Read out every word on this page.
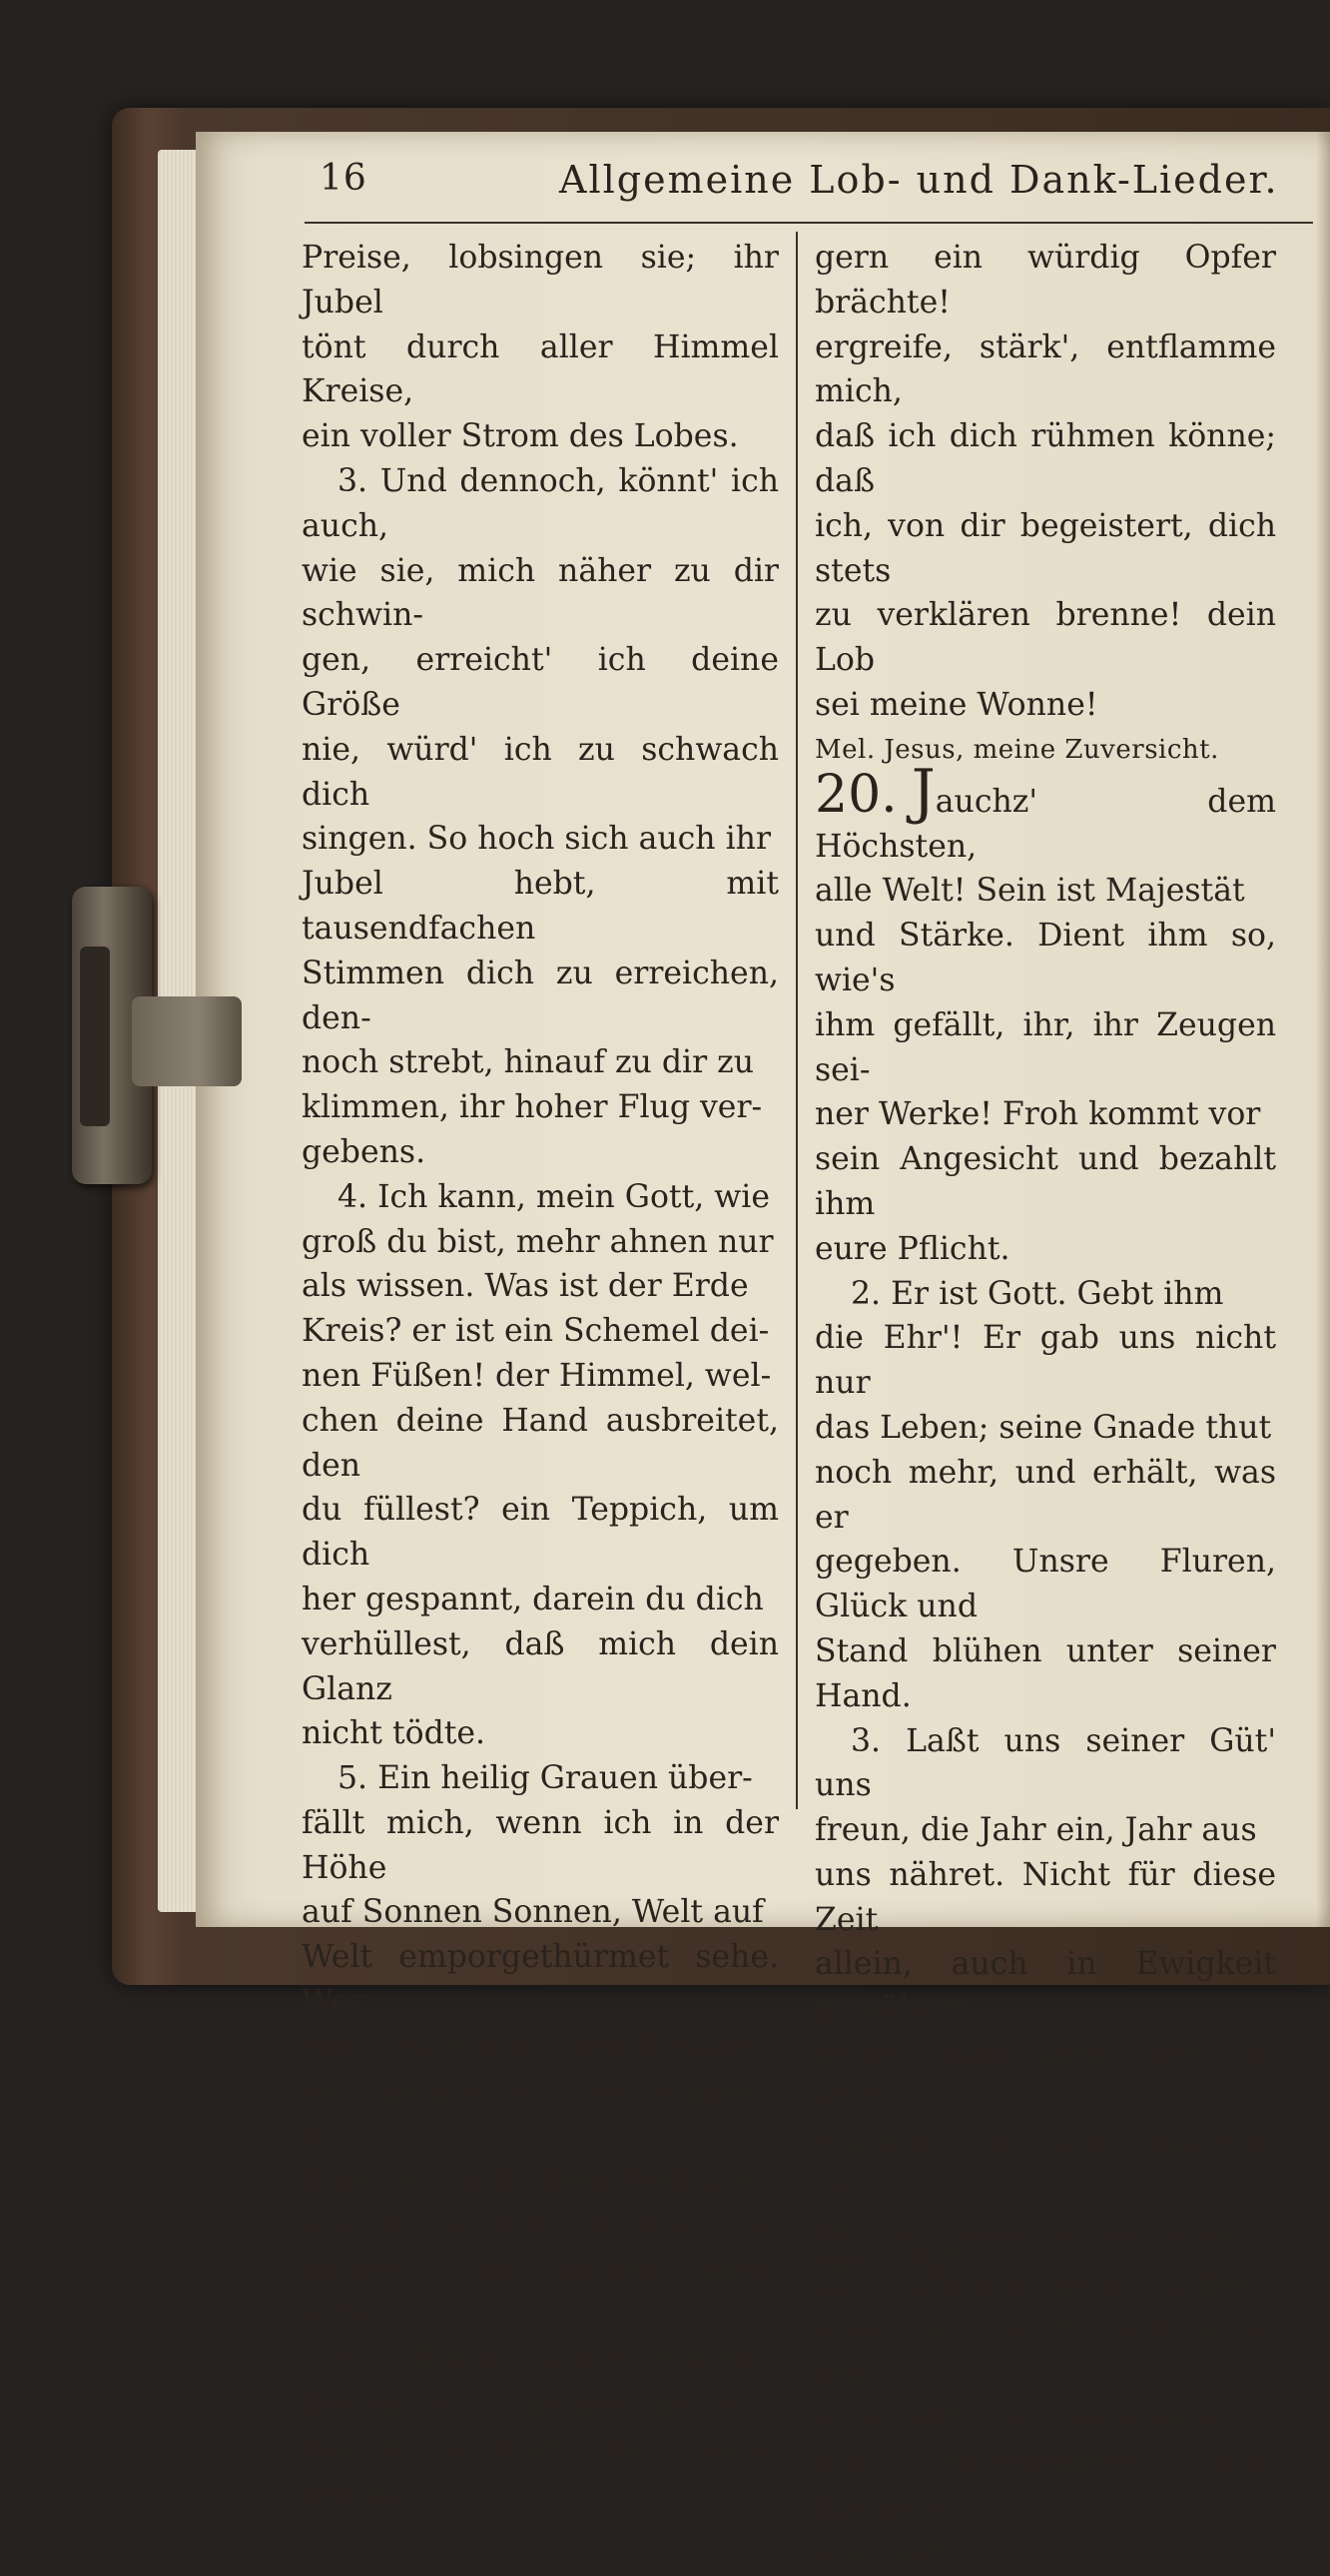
16	Allgemeine Lob- und Dank-Lieder.

Preise, lobsingen sie; ihr Jubel

tönt durch aller Himmel Kreise,

ein voller Strom des Lobes.

3. Und dennoch, könnt' ich auch,

wie sie, mich näher zu dir schwin-

gen, erreicht' ich deine Größe

nie, würd' ich zu schwach dich

singen. So hoch sich auch ihr

Jubel hebt, mit tausendfachen

Stimmen dich zu erreichen, den-

noch strebt, hinauf zu dir zu

klimmen, ihr hoher Flug ver-

gebens.

4. Ich kann, mein Gott, wie

groß du bist, mehr ahnen nur

als wissen. Was ist der Erde

Kreis? er ist ein Schemel dei-

nen Füßen! der Himmel, wel-

chen deine Hand ausbreitet, den

du füllest? ein Teppich, um dich

her gespannt, darein du dich

verhüllest, daß mich dein Glanz

nicht tödte.

5. Ein heilig Grauen über-

fällt mich, wenn ich in der Höhe

auf Sonnen Sonnen, Welt auf

Welt emporgethürmet sehe. Wer

zählt, wer leitet ihre Schaar?

wer nennet sie bei Namen? du

thust es, Gott! Kein Weltkreis

war; da riefst du: Kommt! sie

kamen, und lobten ihren Vater.

6. O Stärke Gottes! Macht

des Herrn! o meines Gottes

Rechte! o Macht der Liebe, der ich

gern ein würdig Opfer brächte!

ergreife, stärk', entflamme mich,

daß ich dich rühmen könne; daß

ich, von dir begeistert, dich stets

zu verklären brenne! dein Lob

sei meine Wonne!

Mel. Jesus, meine Zuversicht.

20. Jauchz' dem Höchsten,

alle Welt! Sein ist Majestät

und Stärke. Dient ihm so, wie's

ihm gefällt, ihr, ihr Zeugen sei-

ner Werke! Froh kommt vor

sein Angesicht und bezahlt ihm

eure Pflicht.

2. Er ist Gott. Gebt ihm

die Ehr'! Er gab uns nicht nur

das Leben; seine Gnade thut

noch mehr, und erhält, was er

gegeben. Unsre Fluren, Glück und

Stand blühen unter seiner Hand.

3. Laßt uns seiner Güt' uns

freun, die Jahr ein, Jahr aus

uns nähret. Nicht für diese Zeit

allein, auch in Ewigkeit gewähret

seine Huld dem, der ihn ehrt,

Freude, die kein Wechsel stört.

Mel. Nun danket all und bringet.

21. Nimm deine Psalter,

Volk des Herrn, und singe dei-

nem Gott! Ihn loben Sonn'

und Morgenstern, und Element

und Tod.
